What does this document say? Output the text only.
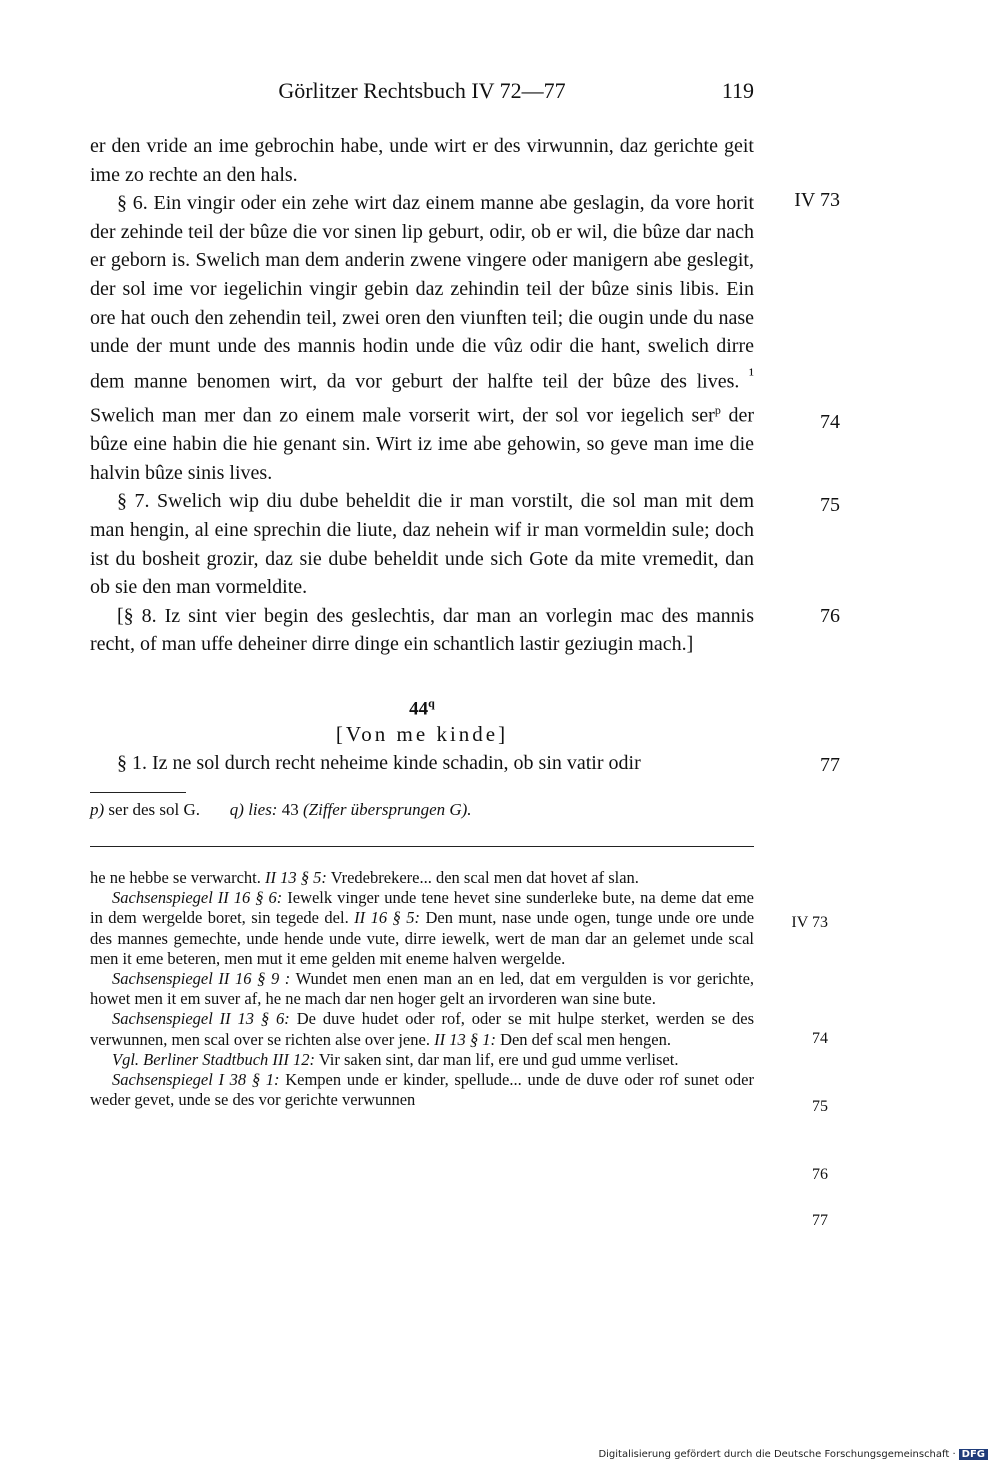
Görlitzer Rechtsbuch IV 72—77	119

er den vride an ime gebrochin habe, unde wirt er des virwunnin, daz gerichte geit ime zo rechte an den hals.

§ 6. Ein vingir oder ein zehe wirt daz einem manne abe geslagin, da vore horit der zehinde teil der bûze die vor sinen lip geburt, odir, ob er wil, die bûze dar nach er geborn is. Swelich man dem anderin zwene vingere oder manigern abe geslegit, der sol ime vor iegelichin vingir gebin daz zehindin teil der bûze sinis libis. Ein ore hat ouch den zehendin teil, zwei oren den viunften teil; die ougin unde du nase unde der munt unde des mannis hodin unde die vûz odir die hant, swelich dirre dem manne benomen wirt, da vor geburt der halfte teil der bûze des lives. $^{^1}$ Swelich man mer dan zo einem male vorserit wirt, der sol vor iegelich ser$^p$ der bûze eine habin die hie genant sin. Wirt iz ime abe gehowin, so geve man ime die halvin bûze sinis lives.

§ 7. Swelich wip diu dube beheldit die ir man vorstilt, die sol man mit dem man hengin, al eine sprechin die liute, daz nehein wif ir man vormeldin sule; doch ist du bosheit grozir, daz sie dube beheldit unde sich Gote da mite vremedit, dan ob sie den man vormeldite.

[§ 8. Iz sint vier begin des geslechtis, dar man an vorlegin mac des mannis recht, of man uffe deheiner dirre dinge ein schantlich lastir geziugin mach.]

IV 73
74
75
76
77
44$^q$
[Von me kinde]
§ 1. Iz ne sol durch recht neheime kinde schadin, ob sin vatir odir
p) ser des sol G. q) lies: 43 (Ziffer übersprungen G).

he ne hebbe se verwarcht. II 13 § 5: Vredebrekere... den scal men dat hovet af slan.

Sachsenspiegel II 16 § 6: Iewelk vinger unde tene hevet sine sunderleke bute, na deme dat eme in dem wergelde boret, sin tegede del. II 16 § 5: Den munt, nase unde ogen, tunge unde ore unde des mannes gemechte, unde hende unde vute, dirre iewelk, wert de man dar an gelemet unde scal men it eme beteren, men mut it eme gelden mit eneme halven wergelde.

Sachsenspiegel II 16 § 9 : Wundet men enen man an en led, dat em vergulden is vor gerichte, howet men it em suver af, he ne mach dar nen hoger gelt an irvorderen wan sine bute.

Sachsenspiegel II 13 § 6: De duve hudet oder rof, oder se mit hulpe sterket, werden se des verwunnen, men scal over se richten alse over jene. II 13 § 1: Den def scal men hengen.

Vgl. Berliner Stadtbuch III 12: Vir saken sint, dar man lif, ere und gud umme verliset.

Sachsenspiegel I 38 § 1: Kempen unde er kinder, spellude... unde de duve oder rof sunet oder weder gevet, unde se des vor gerichte verwunnen

IV 73
74
75
76
77
Digitalisierung gefördert durch die Deutsche Forschungsgemeinschaft · DFG
